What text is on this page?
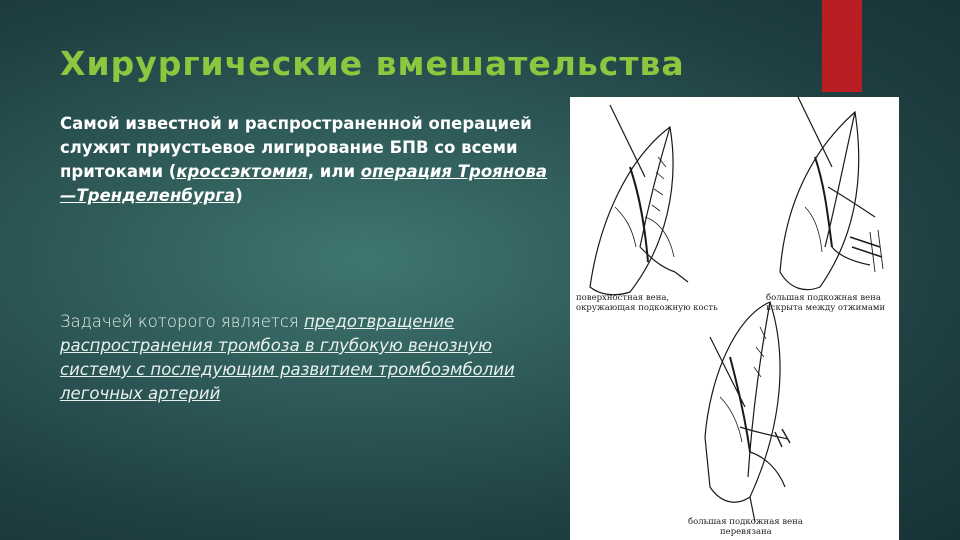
Хирургические вмешательства
Самой известной и распространенной операцией служит приустьевое лигирование БПВ со всеми притоками (кроссэктомия, или операция Троянова—Тренделенбурга)
Задачей которого является предотвращение распространения тромбоза в глубокую венозную систему с последующим развитием тромбоэмболии легочных артерий
поверхностная вена,
окружающая подкожную кость
большая подкожная вена
вскрыта между отжимами
большая подкожная вена
перевязана
